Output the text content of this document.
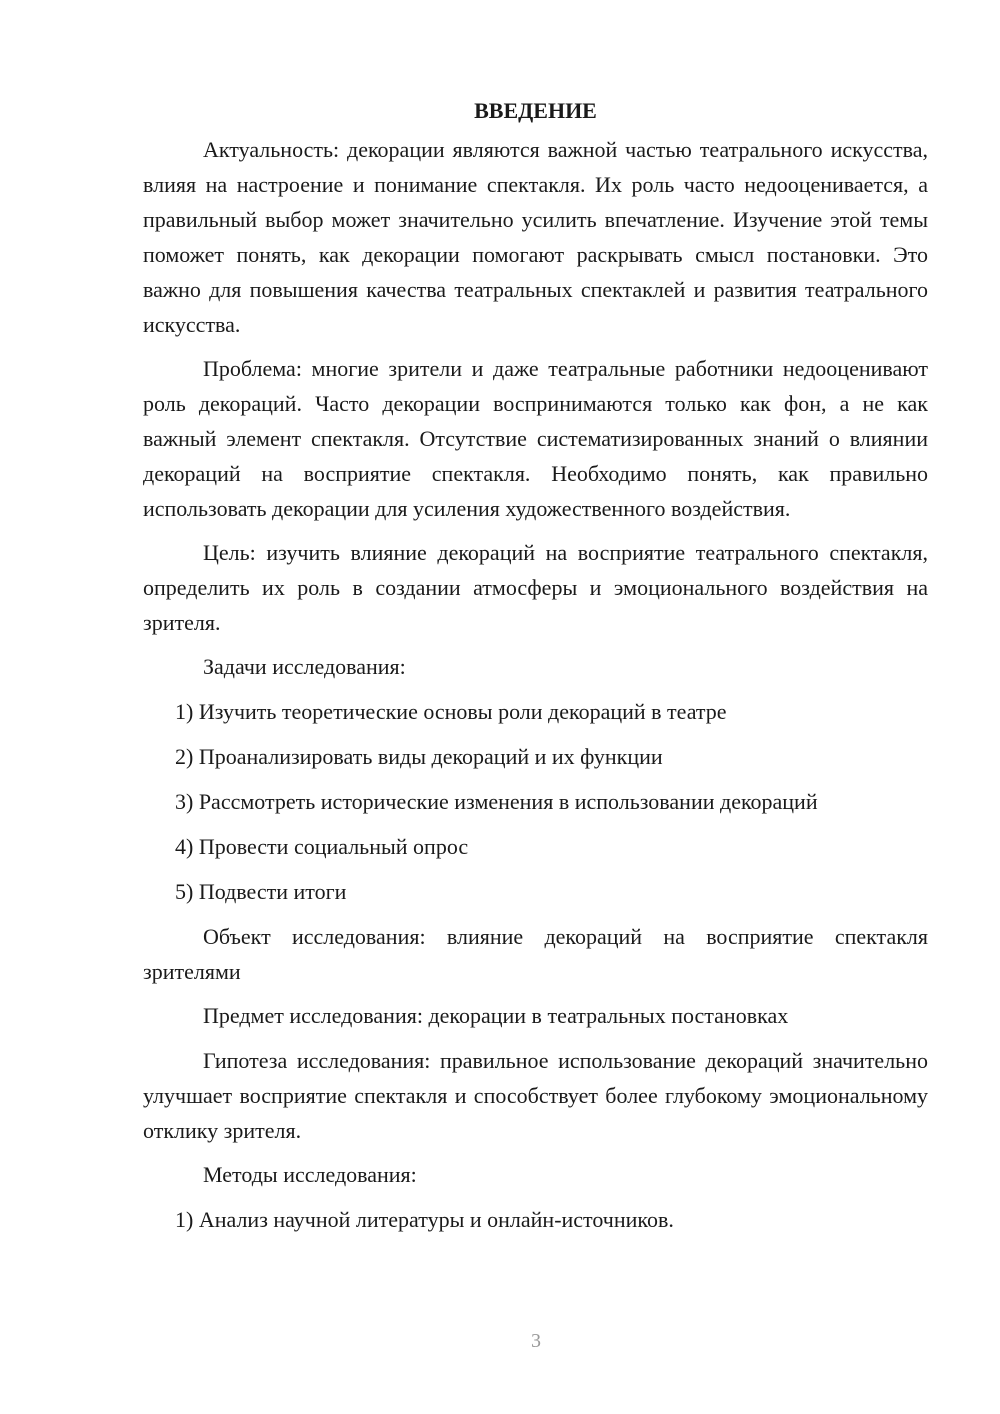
ВВЕДЕНИЕ

Актуальность: декорации являются важной частью театрального искусства, влияя на настроение и понимание спектакля. Их роль часто недооценивается, а правильный выбор может значительно усилить впечатление. Изучение этой темы поможет понять, как декорации помогают раскрывать смысл постановки. Это важно для повышения качества театральных спектаклей и развития театрального искусства.

Проблема: многие зрители и даже театральные работники недооценивают роль декораций. Часто декорации воспринимаются только как фон, а не как важный элемент спектакля. Отсутствие систематизированных знаний о влиянии декораций на восприятие спектакля. Необходимо понять, как правильно использовать декорации для усиления художественного воздействия.

Цель: изучить влияние декораций на восприятие театрального спектакля, определить их роль в создании атмосферы и эмоционального воздействия на зрителя.

Задачи исследования:
1) Изучить теоретические основы роли декораций в театре
2) Проанализировать виды декораций и их функции
3) Рассмотреть исторические изменения в использовании декораций
4) Провести социальный опрос
5) Подвести итоги

Объект исследования: влияние декораций на восприятие спектакля зрителями

Предмет исследования: декорации в театральных постановках

Гипотеза исследования: правильное использование декораций значительно улучшает восприятие спектакля и способствует более глубокому эмоциональному отклику зрителя.

Методы исследования:
1) Анализ научной литературы и онлайн-источников.
3
